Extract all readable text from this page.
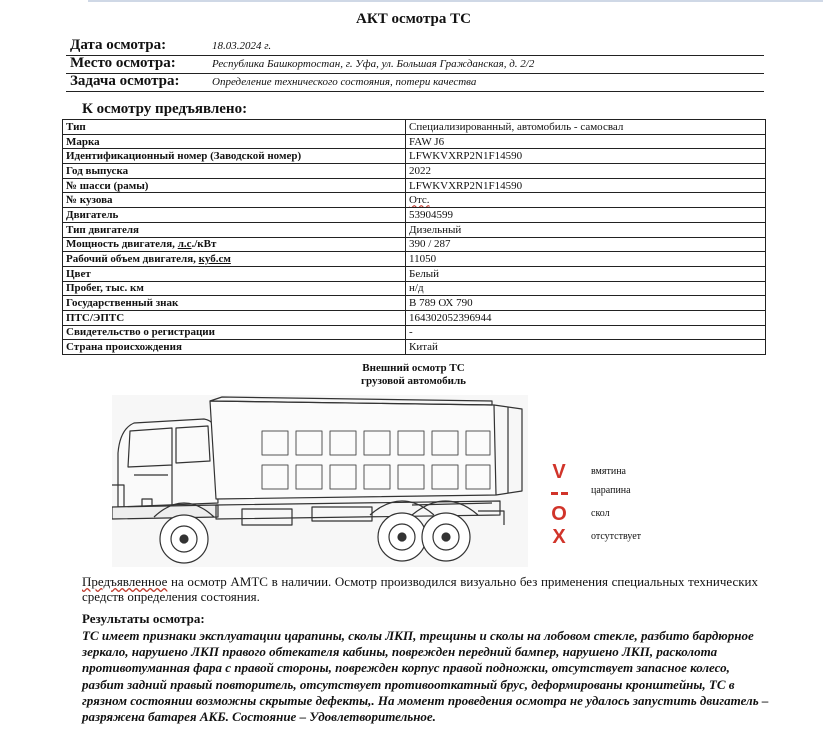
АКТ осмотра ТС
Дата осмотра:	18.03.2024 г.
Место осмотра:	Республика Башкортостан, г. Уфа, ул. Большая Гражданская, д. 2/2
Задача осмотра:	Определение технического состояния, потери качества
К осмотру предъявлено:
Тип	Специализированный, автомобиль - самосвал
Марка	FAW J6
Идентификационный номер (Заводской номер)	LFWKVXRP2N1F14590
Год выпуска	2022
№ шасси (рамы)	LFWKVXRP2N1F14590
№ кузова	Отс.
Двигатель	53904599
Тип двигателя	Дизельный
Мощность двигателя, л.с./кВт	390 / 287
Рабочий объем двигателя, куб.см	11050
Цвет	Белый
Пробег, тыс. км	н/д
Государственный знак	В 789 ОХ 790
ПТС/ЭПТС	164302052396944
Свидетельство о регистрации	-
Страна происхождения	Китай
Внешний осмотр ТС
грузовой автомобиль
V	вмятина
царапина
O	скол
X	отсутствует
Предъявленное на осмотр АМТС в наличии. Осмотр производился визуально без применения специальных технических средств определения состояния.
Результаты осмотра:
ТС имеет признаки эксплуатации царапины, сколы ЛКП, трещины и сколы на лобовом стекле, разбито бардюрное зеркало, нарушено ЛКП правого обтекателя кабины, поврежден передний бампер, нарушено ЛКП, расколота противотуманная фара с правой стороны, поврежден корпус правой подножки, отсутствует запасное колесо, разбит задний правый повторитель, отсутствует противооткатный брус, деформированы кронштейны, ТС в грязном состоянии возможны скрытые дефекты,. На момент проведения осмотра не удалось запустить двигатель – разряжена батарея АКБ. Состояние – Удовлетворительное.
